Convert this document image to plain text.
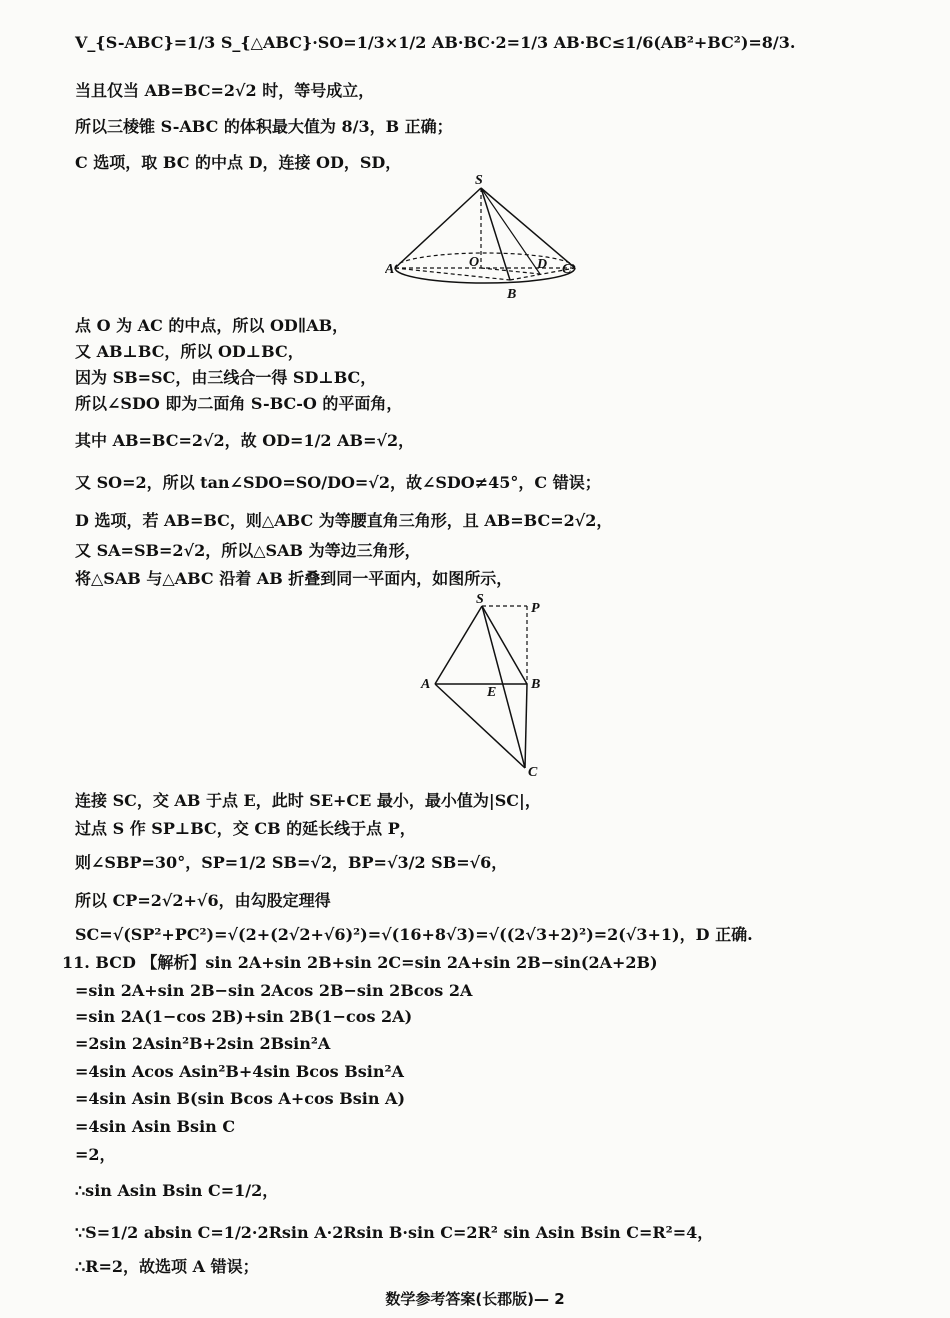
V_{S-ABC}=1/3 S_{△ABC}·SO=1/3×1/2 AB·BC·2=1/3 AB·BC≤1/6(AB²+BC²)=8/3.
当且仅当 AB=BC=2√2 时，等号成立，
所以三棱锥 S-ABC 的体积最大值为 8/3，B 正确；
C 选项，取 BC 的中点 D，连接 OD，SD，
S
A	C
B
O	D
点 O 为 AC 的中点，所以 OD∥AB，
又 AB⊥BC，所以 OD⊥BC，
因为 SB=SC，由三线合一得 SD⊥BC，
所以∠SDO 即为二面角 S-BC-O 的平面角，
其中 AB=BC=2√2，故 OD=1/2 AB=√2，
又 SO=2，所以 tan∠SDO=SO/DO=√2，故∠SDO≠45°，C 错误；
D 选项，若 AB=BC，则△ABC 为等腰直角三角形，且 AB=BC=2√2，
又 SA=SB=2√2，所以△SAB 为等边三角形，
将△SAB 与△ABC 沿着 AB 折叠到同一平面内，如图所示，
S
P
A	B
E
C
连接 SC，交 AB 于点 E，此时 SE+CE 最小，最小值为|SC|，
过点 S 作 SP⊥BC，交 CB 的延长线于点 P，
则∠SBP=30°，SP=1/2 SB=√2，BP=√3/2 SB=√6，
所以 CP=2√2+√6，由勾股定理得
SC=√(SP²+PC²)=√(2+(2√2+√6)²)=√(16+8√3)=√((2√3+2)²)=2(√3+1)，D 正确.
11. BCD 【解析】sin 2A+sin 2B+sin 2C=sin 2A+sin 2B−sin(2A+2B)
=sin 2A+sin 2B−sin 2Acos 2B−sin 2Bcos 2A
=sin 2A(1−cos 2B)+sin 2B(1−cos 2A)
=2sin 2Asin²B+2sin 2Bsin²A
=4sin Acos Asin²B+4sin Bcos Bsin²A
=4sin Asin B(sin Bcos A+cos Bsin A)
=4sin Asin Bsin C
=2，
∴sin Asin Bsin C=1/2，
∵S=1/2 absin C=1/2·2Rsin A·2Rsin B·sin C=2R² sin Asin Bsin C=R²=4，
∴R=2，故选项 A 错误；
数学参考答案(长郡版)— 2
